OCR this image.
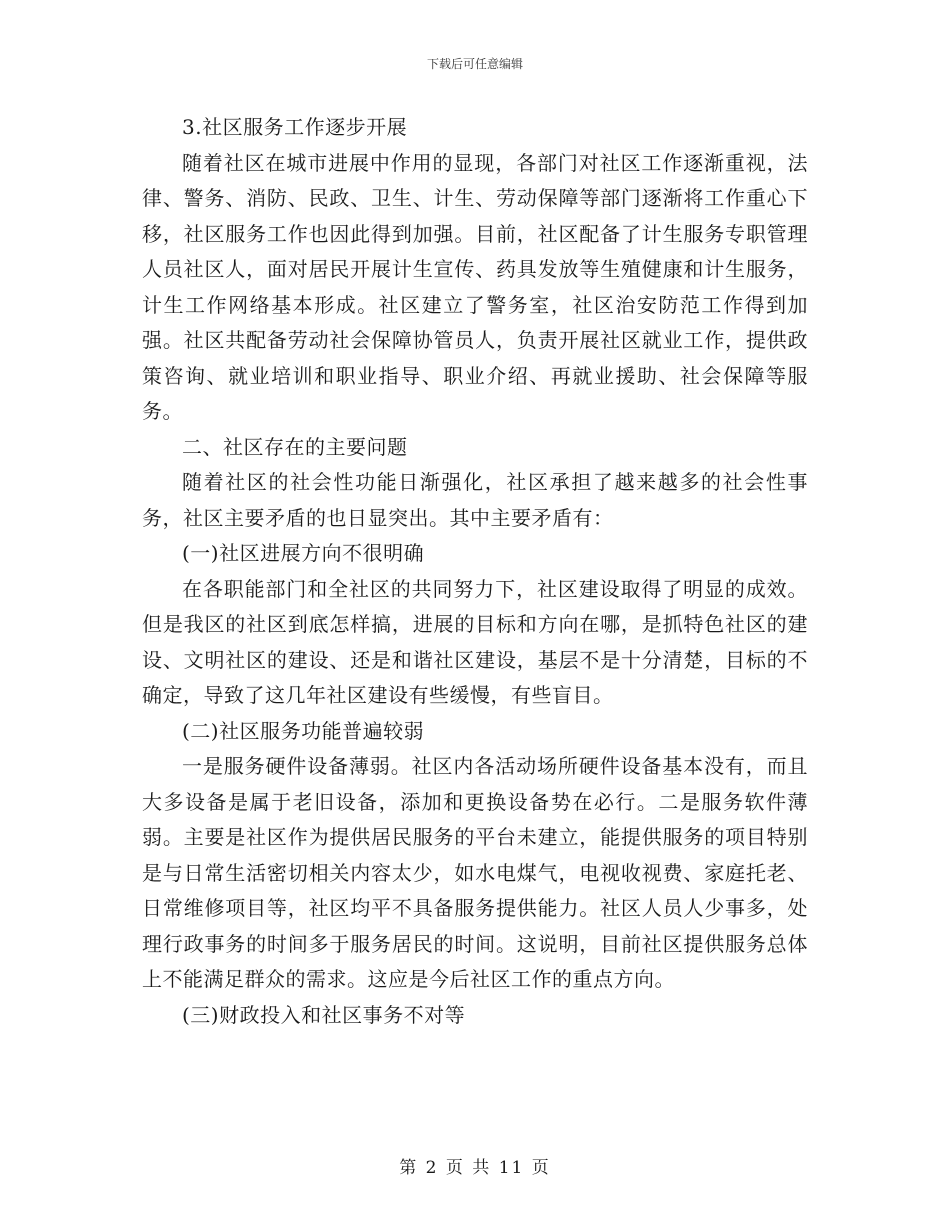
下载后可任意编辑

3.社区服务工作逐步开展

随着社区在城市进展中作用的显现，各部门对社区工作逐渐重视，法律、警务、消防、民政、卫生、计生、劳动保障等部门逐渐将工作重心下移，社区服务工作也因此得到加强。目前，社区配备了计生服务专职管理人员社区人，面对居民开展计生宣传、药具发放等生殖健康和计生服务，计生工作网络基本形成。社区建立了警务室，社区治安防范工作得到加强。社区共配备劳动社会保障协管员人，负责开展社区就业工作，提供政策咨询、就业培训和职业指导、职业介绍、再就业援助、社会保障等服务。

二、社区存在的主要问题

随着社区的社会性功能日渐强化，社区承担了越来越多的社会性事务，社区主要矛盾的也日显突出。其中主要矛盾有：

(一)社区进展方向不很明确

在各职能部门和全社区的共同努力下，社区建设取得了明显的成效。但是我区的社区到底怎样搞，进展的目标和方向在哪，是抓特色社区的建设、文明社区的建设、还是和谐社区建设，基层不是十分清楚，目标的不确定，导致了这几年社区建设有些缓慢，有些盲目。

(二)社区服务功能普遍较弱

一是服务硬件设备薄弱。社区内各活动场所硬件设备基本没有，而且大多设备是属于老旧设备，添加和更换设备势在必行。二是服务软件薄弱。主要是社区作为提供居民服务的平台未建立，能提供服务的项目特别是与日常生活密切相关内容太少，如水电煤气，电视收视费、家庭托老、日常维修项目等，社区均平不具备服务提供能力。社区人员人少事多，处理行政事务的时间多于服务居民的时间。这说明，目前社区提供服务总体上不能满足群众的需求。这应是今后社区工作的重点方向。

(三)财政投入和社区事务不对等

第 2 页 共 11 页
